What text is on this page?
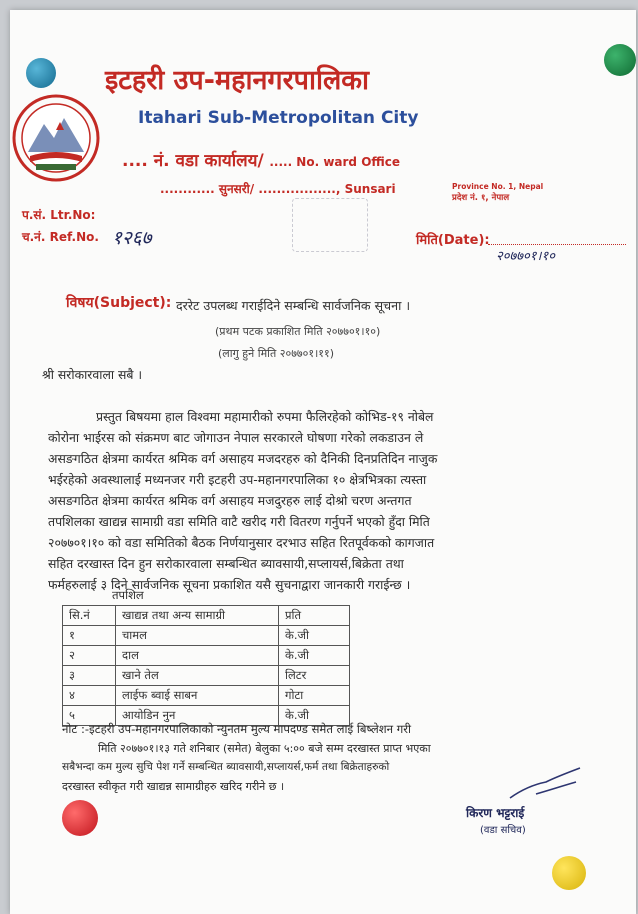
इटहरी उप-महानगरपालिका
Itahari Sub-Metropolitan City
.... नं. वडा कार्यालय/ ..... No. ward Office
............ सुनसरी/ ................., Sunsari	Province No. 1, Nepal
प्रदेश नं. १, नेपाल
प.सं. Ltr.No:
च.नं. Ref.No. १२६७	मिति(Date):
२०७७०१।१०
विषय(Subject): दररेट उपलब्ध गराईदिने सम्बन्धि सार्वजनिक सूचना ।
(प्रथम पटक प्रकाशित मिति २०७७०१।१०)
(लागु हुने मिति २०७७०१।११)
श्री सरोकारवाला सबै ।
प्रस्तुत बिषयमा हाल विश्वमा महामारीको रुपमा फैलिरहेको कोभिड-१९ नोबेल
कोरोना भाईरस को संक्रमण बाट जोगाउन नेपाल सरकारले घोषणा गरेको लकडाउन ले
असङगठित क्षेत्रमा कार्यरत श्रमिक वर्ग असाहय मजदरहरु को दैनिकी दिनप्रतिदिन नाजुक
भईरहेको अवस्थालाई मध्यनजर गरी इटहरी उप-महानगरपालिका १० क्षेत्रभित्रका त्यस्ता
असङगठित क्षेत्रमा कार्यरत श्रमिक वर्ग असाहय मजदुरहरु लाई दोश्रो चरण अन्तगत
तपशिलका खाद्यन्न सामाग्री वडा समिति वाटै खरीद गरी वितरण गर्नुपर्ने भएको हुँदा मिति
२०७७०१।१० को वडा समितिको बैठक निर्णयानुसार दरभाउ सहित रितपूर्वकको कागजात
सहित दरखास्त दिन हुन सरोकारवाला सम्बन्धित ब्यावसायी,सप्लायर्स,बिक्रेता तथा
फर्महरुलाई ३ दिने सार्वजनिक सूचना प्रकाशित यसै सुचनाद्वारा जानकारी गराईन्छ ।
तपशिल
सि.नं	खाद्यन्न तथा अन्य सामाग्री	प्रति
१	चामल	के.जी
२	दाल	के.जी
३	खाने तेल	लिटर
४	लाईफ ब्वाई साबन	गोटा
५	आयोडिन नुन	के.जी
नोट :-इटहरी उप-महानगरपालिकाको न्युनतम मुल्य मापदण्ड समेत लाई बिष्लेशन गरी
मिति २०७७०१।१३ गते शनिबार (समेत) बेलुका ५:०० बजे सम्म दरखास्त प्राप्त भएका
सबैभन्दा कम मुल्य सुचि पेश गर्ने सम्बन्धित ब्यावसायी,सप्लायर्स,फर्म तथा बिक्रेताहरुको
दरखास्त स्वीकृत गरी खाद्यन्न सामाग्रीहरु खरिद गरीने छ ।
किरण भट्टराई
(वडा सचिव)
